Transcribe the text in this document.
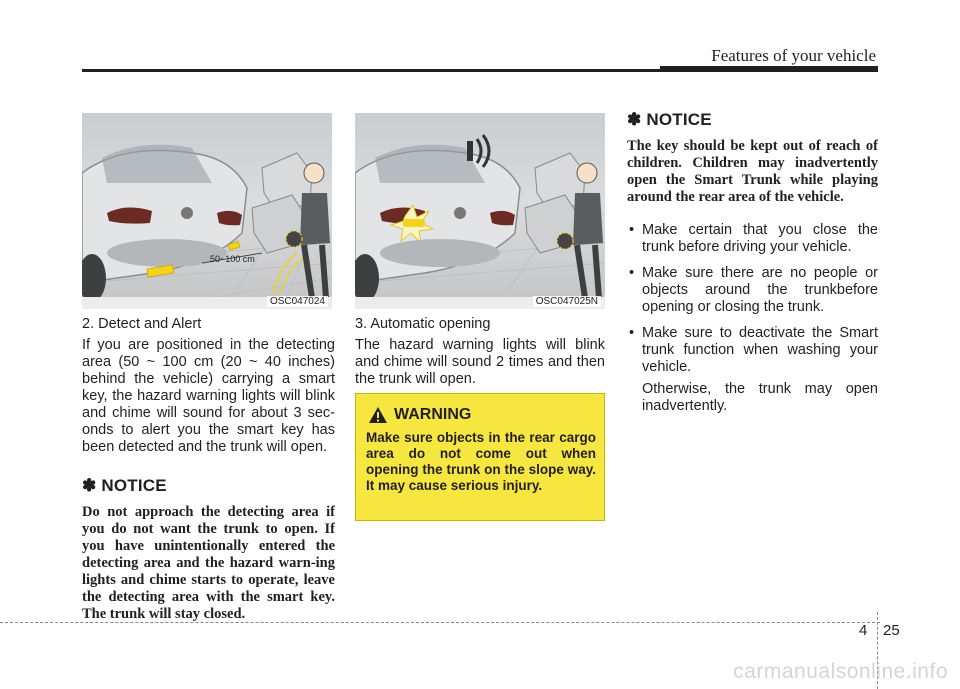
Features of your vehicle
50~100 cm
OSC047024	OSC047025N

2. Detect and Alert

If you are positioned in the detecting area (50 ~ 100 cm (20 ~ 40 inches) behind the vehicle) carrying a smart key, the hazard warning lights will blink and chime will sound for about 3 sec-onds to alert you the smart key has been detected and the trunk will open.

✽ NOTICE

Do not approach the detecting area if you do not want the trunk to open. If you have unintentionally entered the detecting area and the hazard warn-ing lights and chime starts to operate, leave the detecting area with the smart key. The trunk will stay closed.

3. Automatic opening

The hazard warning lights will blink and chime will sound 2 times and then the trunk will open.

WARNING

Make sure objects in the rear cargo area do not come out when opening the trunk on the slope way. It may cause serious injury.

✽ NOTICE

The key should be kept out of reach of children. Children may inadvertently open the Smart Trunk while playing around the rear area of the vehicle.

• Make certain that you close the trunk before driving your vehicle.
• Make sure there are no people or objects around the trunkbefore opening or closing the trunk.
• Make sure to deactivate the Smart trunk function when washing your vehicle.

Otherwise, the trunk may open inadvertently.

4 25
carmanualsonline.info
